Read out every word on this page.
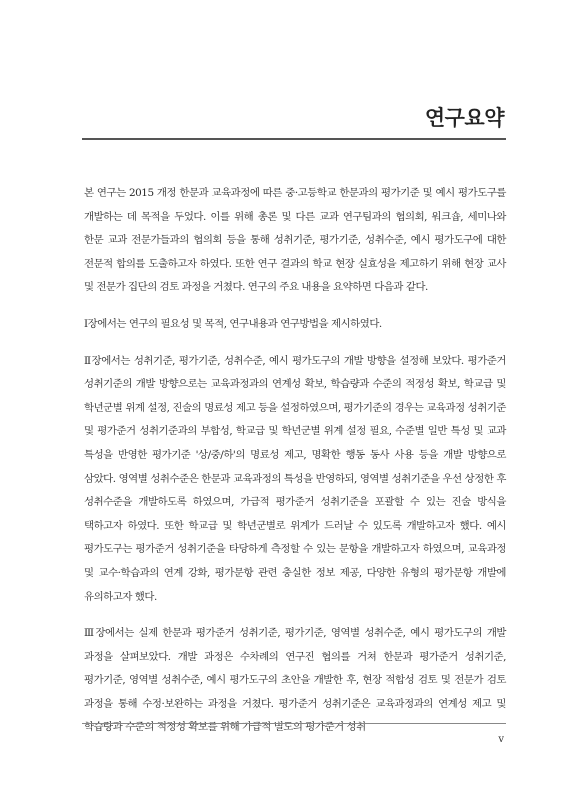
연구요약

본 연구는 2015 개정 한문과 교육과정에 따른 중·고등학교 한문과의 평가기준 및 예시 평가도구를 개발하는 데 목적을 두었다. 이를 위해 총론 및 다른 교과 연구팀과의 협의회, 워크숍, 세미나와 한문 교과 전문가들과의 협의회 등을 통해 성취기준, 평가기준, 성취수준, 예시 평가도구에 대한 전문적 합의를 도출하고자 하였다. 또한 연구 결과의 학교 현장 실효성을 제고하기 위해 현장 교사 및 전문가 집단의 검토 과정을 거쳤다. 연구의 주요 내용을 요약하면 다음과 같다.

Ⅰ장에서는 연구의 필요성 및 목적, 연구내용과 연구방법을 제시하였다.

Ⅱ장에서는 성취기준, 평가기준, 성취수준, 예시 평가도구의 개발 방향을 설정해 보았다. 평가준거 성취기준의 개발 방향으로는 교육과정과의 연계성 확보, 학습량과 수준의 적정성 확보, 학교급 및 학년군별 위계 설정, 진술의 명료성 제고 등을 설정하였으며, 평가기준의 경우는 교육과정 성취기준 및 평가준거 성취기준과의 부합성, 학교급 및 학년군별 위계 설정 필요, 수준별 일반 특성 및 교과 특성을 반영한 평가기준 '상/중/하'의 명료성 제고, 명확한 행동 동사 사용 등을 개발 방향으로 삼았다. 영역별 성취수준은 한문과 교육과정의 특성을 반영하되, 영역별 성취기준을 우선 상정한 후 성취수준을 개발하도록 하였으며, 가급적 평가준거 성취기준을 포괄할 수 있는 진술 방식을 택하고자 하였다. 또한 학교급 및 학년군별로 위계가 드러날 수 있도록 개발하고자 했다. 예시 평가도구는 평가준거 성취기준을 타당하게 측정할 수 있는 문항을 개발하고자 하였으며, 교육과정 및 교수·학습과의 연계 강화, 평가문항 관련 충실한 정보 제공, 다양한 유형의 평가문항 개발에 유의하고자 했다.

Ⅲ장에서는 실제 한문과 평가준거 성취기준, 평가기준, 영역별 성취수준, 예시 평가도구의 개발 과정을 살펴보았다. 개발 과정은 수차례의 연구진 협의를 거쳐 한문과 평가준거 성취기준, 평가기준, 영역별 성취수준, 예시 평가도구의 초안을 개발한 후, 현장 적합성 검토 및 전문가 검토 과정을 통해 수정·보완하는 과정을 거쳤다. 평가준거 성취기준은 교육과정과의 연계성 제고 및 학습량과 수준의 적정성 확보를 위해 가급적 별도의 평가준거 성취

v
